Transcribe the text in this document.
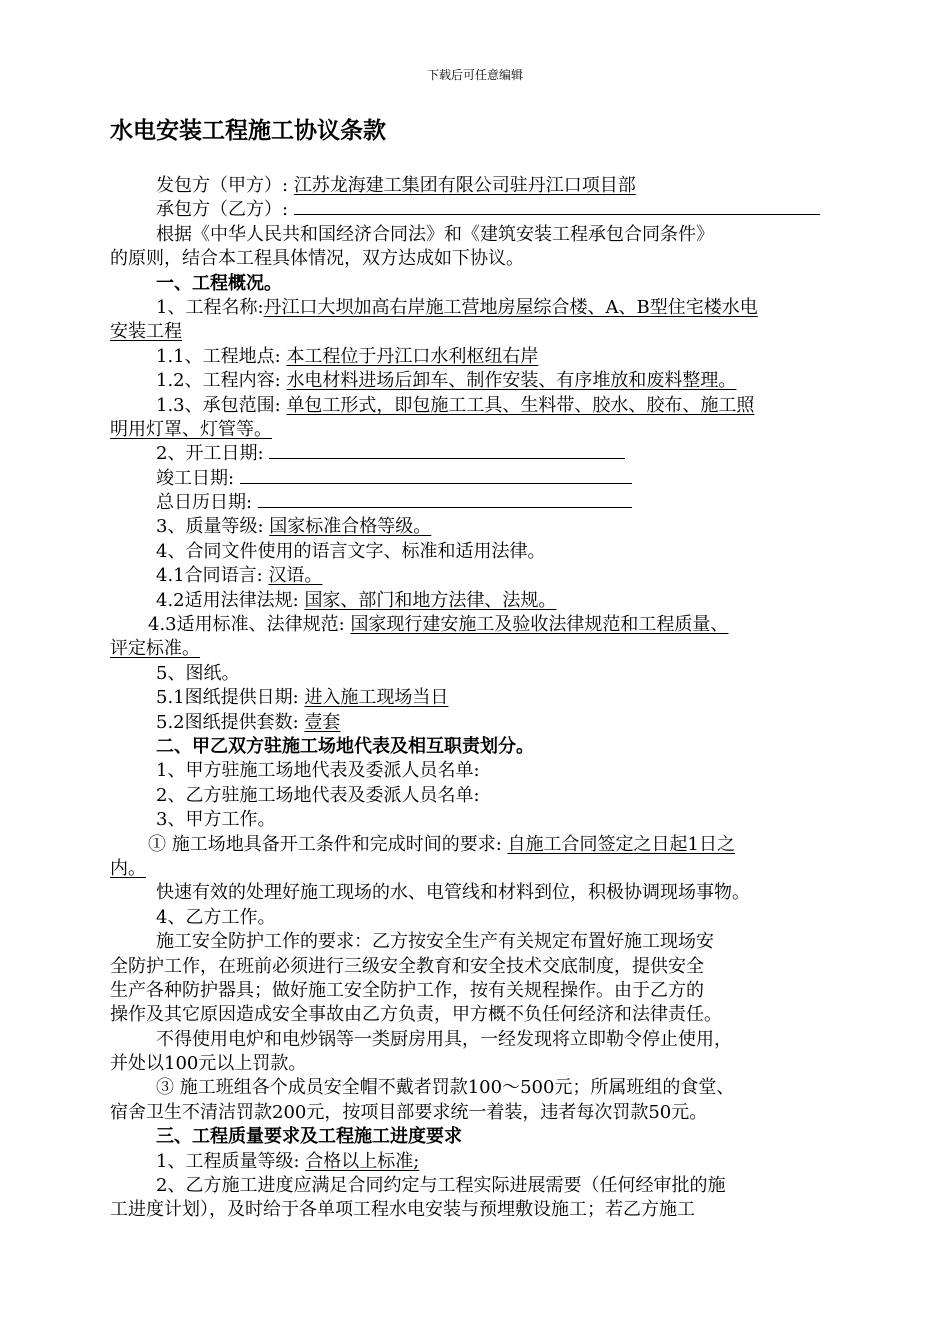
下载后可任意编辑
水电安装工程施工协议条款
发包方（甲方）: 江苏龙海建工集团有限公司驻丹江口项目部
承包方（乙方）:
根据《中华人民共和国经济合同法》和《建筑安装工程承包合同条件》
的原则，结合本工程具体情况，双方达成如下协议。
一、工程概况。
1、工程名称:丹江口大坝加高右岸施工营地房屋综合楼、A、B型住宅楼水电
安装工程
1.1、工程地点: 本工程位于丹江口水利枢纽右岸
1.2、工程内容: 水电材料进场后卸车、制作安装、有序堆放和废料整理。
1.3、承包范围: 单包工形式，即包施工工具、生料带、胶水、胶布、施工照
明用灯罩、灯管等。
2、开工日期:
竣工日期:
总日历日期:
3、质量等级: 国家标准合格等级。
4、合同文件使用的语言文字、标准和适用法律。
4.1合同语言: 汉语。
4.2适用法律法规: 国家、部门和地方法律、法规。
4.3适用标准、法律规范: 国家现行建安施工及验收法律规范和工程质量、
评定标准。
5、图纸。
5.1图纸提供日期: 进入施工现场当日
5.2图纸提供套数: 壹套
二、甲乙双方驻施工场地代表及相互职责划分。
1、甲方驻施工场地代表及委派人员名单:
2、乙方驻施工场地代表及委派人员名单:
3、甲方工作。
① 施工场地具备开工条件和完成时间的要求: 自施工合同签定之日起1日之
内。
快速有效的处理好施工现场的水、电管线和材料到位，积极协调现场事物。
4、乙方工作。
施工安全防护工作的要求：乙方按安全生产有关规定布置好施工现场安
全防护工作，在班前必须进行三级安全教育和安全技术交底制度，提供安全
生产各种防护器具；做好施工安全防护工作，按有关规程操作。由于乙方的
操作及其它原因造成安全事故由乙方负责，甲方概不负任何经济和法律责任。
不得使用电炉和电炒锅等一类厨房用具，一经发现将立即勒令停止使用，
并处以100元以上罚款。
③ 施工班组各个成员安全帽不戴者罚款100～500元；所属班组的食堂、
宿舍卫生不清洁罚款200元，按项目部要求统一着装，违者每次罚款50元。
三、工程质量要求及工程施工进度要求
1、工程质量等级: 合格以上标准;
2、乙方施工进度应满足合同约定与工程实际进展需要（任何经审批的施
工进度计划），及时给于各单项工程水电安装与预埋敷设施工；若乙方施工
